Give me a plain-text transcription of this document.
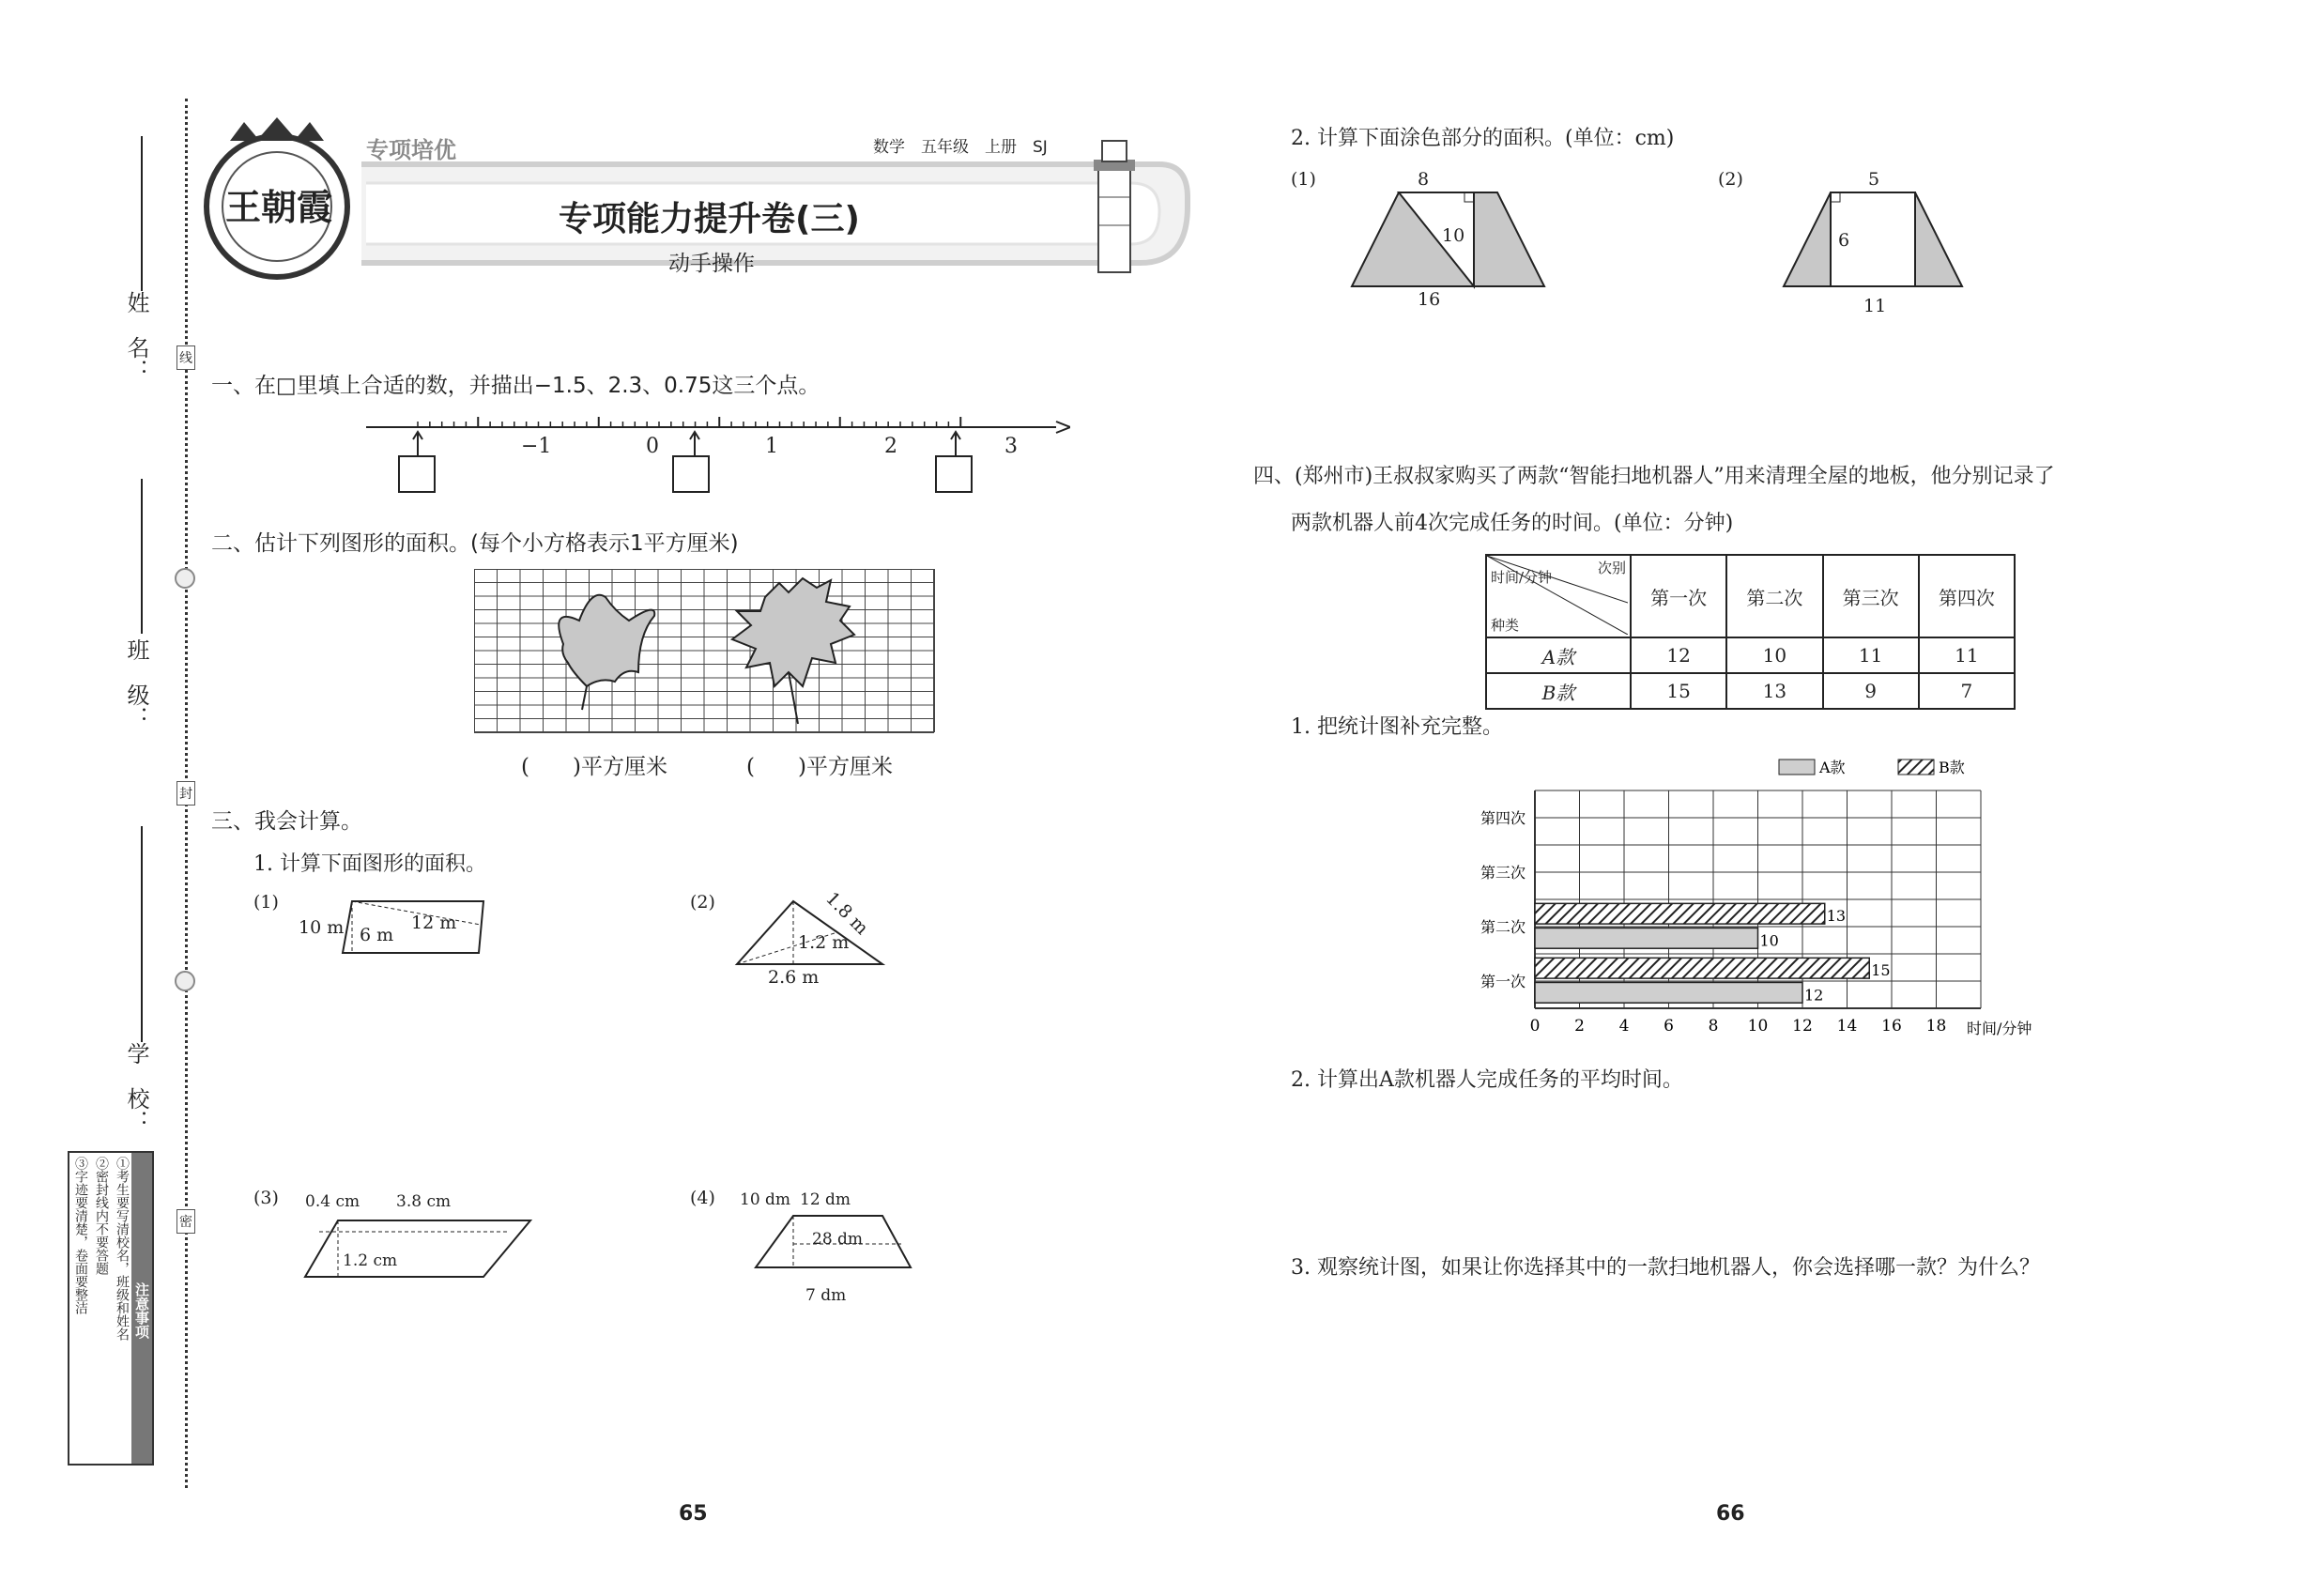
姓　名：
班　级：
学　校：
线
封
密
注意事项
①考生要写清校名，班级和姓名
②密封线内不要答题
③字迹要清楚，卷面要整洁
王朝霞
专项培优	数学　五年级　上册　SJ
专项能力提升卷(三)
动手操作
一、在□里填上合适的数，并描出−1.5、2.3、0.75这三个点。
−1	0	1	2	3
二、估计下列图形的面积。(每个小方格表示1平方厘米)
(　　)平方厘米	(　　)平方厘米
三、我会计算。
1. 计算下面图形的面积。
(1)
10 m 6 m
12 m
(2)	1.8 m
1.2 m
2.6 m
(3) 0.4 cm 3.8 cm
1.2 cm
(4) 10 dm 12 dm
28 dm
7 dm
65
2. 计算下面涂色部分的面积。(单位：cm)
(1)	8
10
16
(2)	5
6
11
四、(郑州市)王叔叔家购买了两款“智能扫地机器人”用来清理全屋的地板，他分别记录了
两款机器人前4次完成任务的时间。(单位：分钟)
次别
时间/分钟
种类	第一次	第二次	第三次	第四次
A款	12	10	11	11
B款	15	13	9	7
1. 把统计图补充完整。
0 2 4 6 8 10 12 14 16 18 时间/分钟
第一次
15
12
第二次
13
10
第三次
第四次
A款	B款
2. 计算出A款机器人完成任务的平均时间。
3. 观察统计图，如果让你选择其中的一款扫地机器人，你会选择哪一款？为什么？
66
